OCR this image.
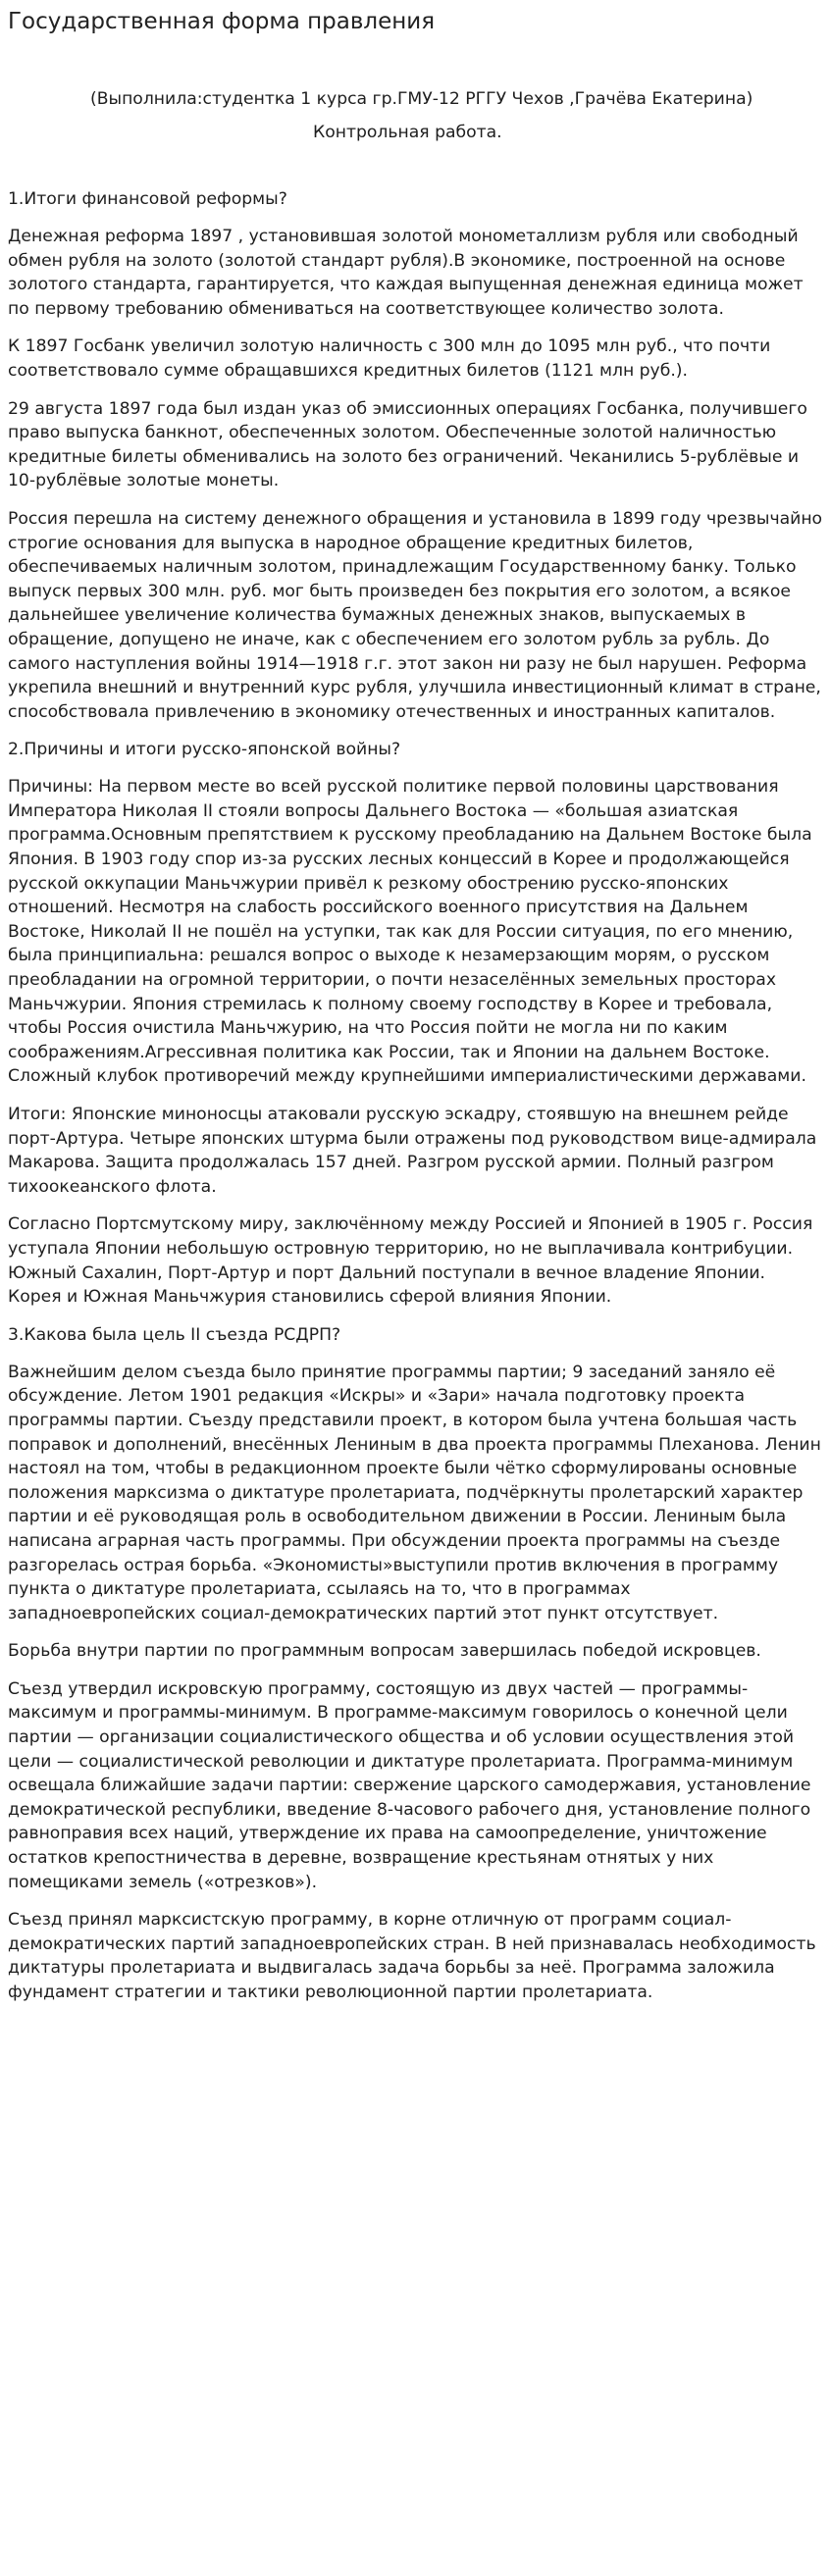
Государственная форма правления
(Выполнила:студентка 1 курса гр.ГМУ-12 РГГУ Чехов ,Грачёва Екатерина)
Контрольная работа.

1.Итоги финансовой реформы?

Денежная реформа 1897 , установившая золотой монометаллизм рубля или свободный обмен рубля на золото (золотой стандарт рубля).В экономике, построенной на основе золотого стандарта, гарантируется, что каждая выпущенная денежная единица может по первому требованию обмениваться на соответствующее количество золота.

К 1897 Госбанк увеличил золотую наличность с 300 млн до 1095 млн руб., что почти соответствовало сумме обращавшихся кредитных билетов (1121 млн руб.).

29 августа 1897 года был издан указ об эмиссионных операциях Госбанка, получившего право выпуска банкнот, обеспеченных золотом. Обеспеченные золотой наличностью кредитные билеты обменивались на золото без ограничений. Чеканились 5-рублёвые и 10-рублёвые золотые монеты.

Россия перешла на систему денежного обращения и установила в 1899 году чрезвычайно строгие основания для выпуска в народное обращение кредитных билетов, обеспечиваемых наличным золотом, принадлежащим Государственному банку. Только выпуск первых 300 млн. руб. мог быть произведен без покрытия его золотом, а всякое дальнейшее увеличение количества бумажных денежных знаков, выпускаемых в обращение, допущено не иначе, как с обеспечением его золотом рубль за рубль. До самого наступления войны 1914—1918 г.г. этот закон ни разу не был нарушен. Реформа укрепила внешний и внутренний курс рубля, улучшила инвестиционный климат в стране, способствовала привлечению в экономику отечественных и иностранных капиталов.

2.Причины и итоги русско-японской войны?

Причины: На первом месте во всей русской политике первой половины царствования Императора Николая II стояли вопросы Дальнего Востока — «большая азиатская программа.Основным препятствием к русскому преобладанию на Дальнем Востоке была Япония. В 1903 году спор из-за русских лесных концессий в Корее и продолжающейся русской оккупации Маньчжурии привёл к резкому обострению русско-японских отношений. Несмотря на слабость российского военного присутствия на Дальнем Востоке, Николай II не пошёл на уступки, так как для России ситуация, по его мнению, была принципиальна: решался вопрос о выходе к незамерзающим морям, о русском преобладании на огромной территории, о почти незаселённых земельных просторах Маньчжурии. Япония стремилась к полному своему господству в Корее и требовала, чтобы Россия очистила Маньчжурию, на что Россия пойти не могла ни по каким соображениям.Агрессивная политика как России, так и Японии на дальнем Востоке. Сложный клубок противоречий между крупнейшими империалистическими державами.

Итоги: Японские миноносцы атаковали русскую эскадру, стоявшую на внешнем рейде порт-Артура. Четыре японских штурма были отражены под руководством вице-адмирала Макарова. Защита продолжалась 157 дней. Разгром русской армии. Полный разгром тихоокеанского флота.

Согласно Портсмутскому миру, заключённому между Россией и Японией в 1905 г. Россия уступала Японии небольшую островную территорию, но не выплачивала контрибуции. Южный Сахалин, Порт-Артур и порт Дальний поступали в вечное владение Японии. Корея и Южная Маньчжурия становились сферой влияния Японии.

3.Какова была цель II съезда РСДРП?

Важнейшим делом съезда было принятие программы партии; 9 заседаний заняло её обсуждение. Летом 1901 редакция «Искры» и «Зари» начала подготовку проекта программы партии. Съезду представили проект, в котором была учтена большая часть поправок и дополнений, внесённых Лениным в два проекта программы Плеханова. Ленин настоял на том, чтобы в редакционном проекте были чётко сформулированы основные положения марксизма о диктатуре пролетариата, подчёркнуты пролетарский характер партии и её руководящая роль в освободительном движении в России. Лениным была написана аграрная часть программы. При обсуждении проекта программы на съезде разгорелась острая борьба. «Экономисты»выступили против включения в программу пункта о диктатуре пролетариата, ссылаясь на то, что в программах западноевропейских социал-демократических партий этот пункт отсутствует.

Борьба внутри партии по программным вопросам завершилась победой искровцев.

Съезд утвердил искровскую программу, состоящую из двух частей — программы-максимум и программы-минимум. В программе-максимум говорилось о конечной цели партии — организации социалистического общества и об условии осуществления этой цели — социалистической революции и диктатуре пролетариата. Программа-минимум освещала ближайшие задачи партии: свержение царского самодержавия, установление демократической республики, введение 8-часового рабочего дня, установление полного равноправия всех наций, утверждение их права на самоопределение, уничтожение остатков крепостничества в деревне, возвращение крестьянам отнятых у них помещиками земель («отрезков»).

Съезд принял марксистскую программу, в корне отличную от программ социал-демократических партий западноевропейских стран. В ней признавалась необходимость диктатуры пролетариата и выдвигалась задача борьбы за неё. Программа заложила фундамент стратегии и тактики революционной партии пролетариата.
